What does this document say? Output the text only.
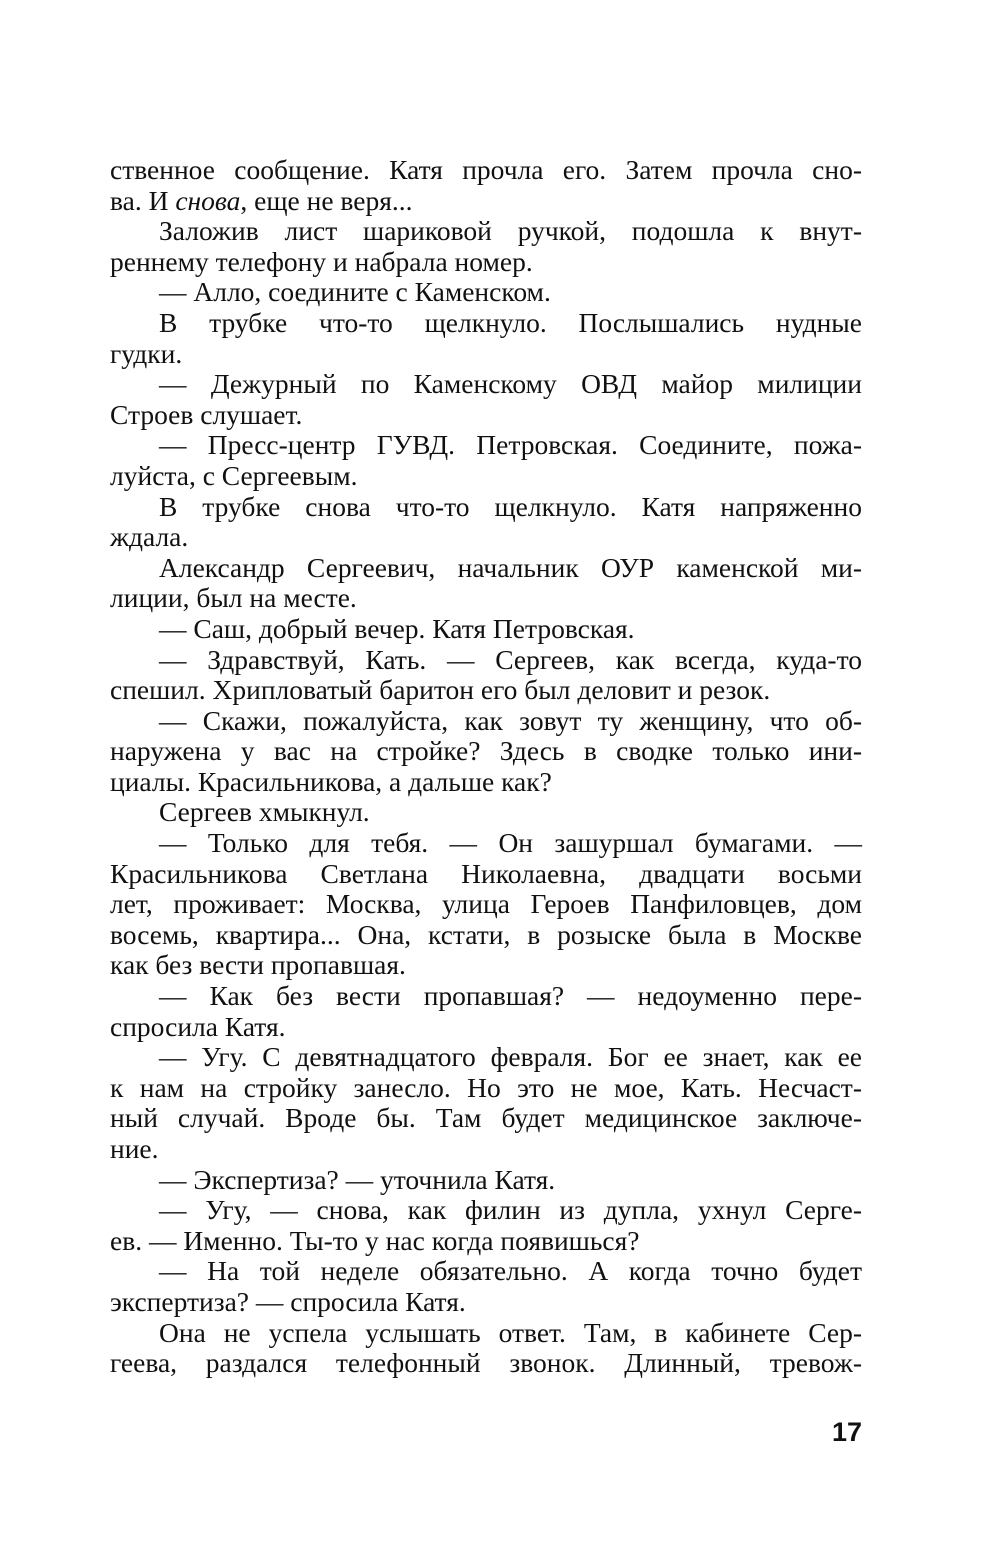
ственное сообщение. Катя прочла его. Затем прочла сно-
ва. И снова, еще не веря...
Заложив лист шариковой ручкой, подошла к внут-
реннему телефону и набрала номер.
— Алло, соедините с Каменском.
В трубке что-то щелкнуло. Послышались нудные
гудки.
— Дежурный по Каменскому ОВД майор милиции
Строев слушает.
— Пресс-центр ГУВД. Петровская. Соедините, пожа-
луйста, с Сергеевым.
В трубке снова что-то щелкнуло. Катя напряженно
ждала.
Александр Сергеевич, начальник ОУР каменской ми-
лиции, был на месте.
— Саш, добрый вечер. Катя Петровская.
— Здравствуй, Кать. — Сергеев, как всегда, куда-то
спешил. Хрипловатый баритон его был деловит и резок.
— Скажи, пожалуйста, как зовут ту женщину, что об-
наружена у вас на стройке? Здесь в сводке только ини-
циалы. Красильникова, а дальше как?
Сергеев хмыкнул.
— Только для тебя. — Он зашуршал бумагами. —
Красильникова Светлана Николаевна, двадцати восьми
лет, проживает: Москва, улица Героев Панфиловцев, дом
восемь, квартира... Она, кстати, в розыске была в Москве
как без вести пропавшая.
— Как без вести пропавшая? — недоуменно пере-
спросила Катя.
— Угу. С девятнадцатого февраля. Бог ее знает, как ее
к нам на стройку занесло. Но это не мое, Кать. Несчаст-
ный случай. Вроде бы. Там будет медицинское заключе-
ние.
— Экспертиза? — уточнила Катя.
— Угу, — снова, как филин из дупла, ухнул Серге-
ев. — Именно. Ты-то у нас когда появишься?
— На той неделе обязательно. А когда точно будет
экспертиза? — спросила Катя.
Она не успела услышать ответ. Там, в кабинете Сер-
геева, раздался телефонный звонок. Длинный, тревож-
17
